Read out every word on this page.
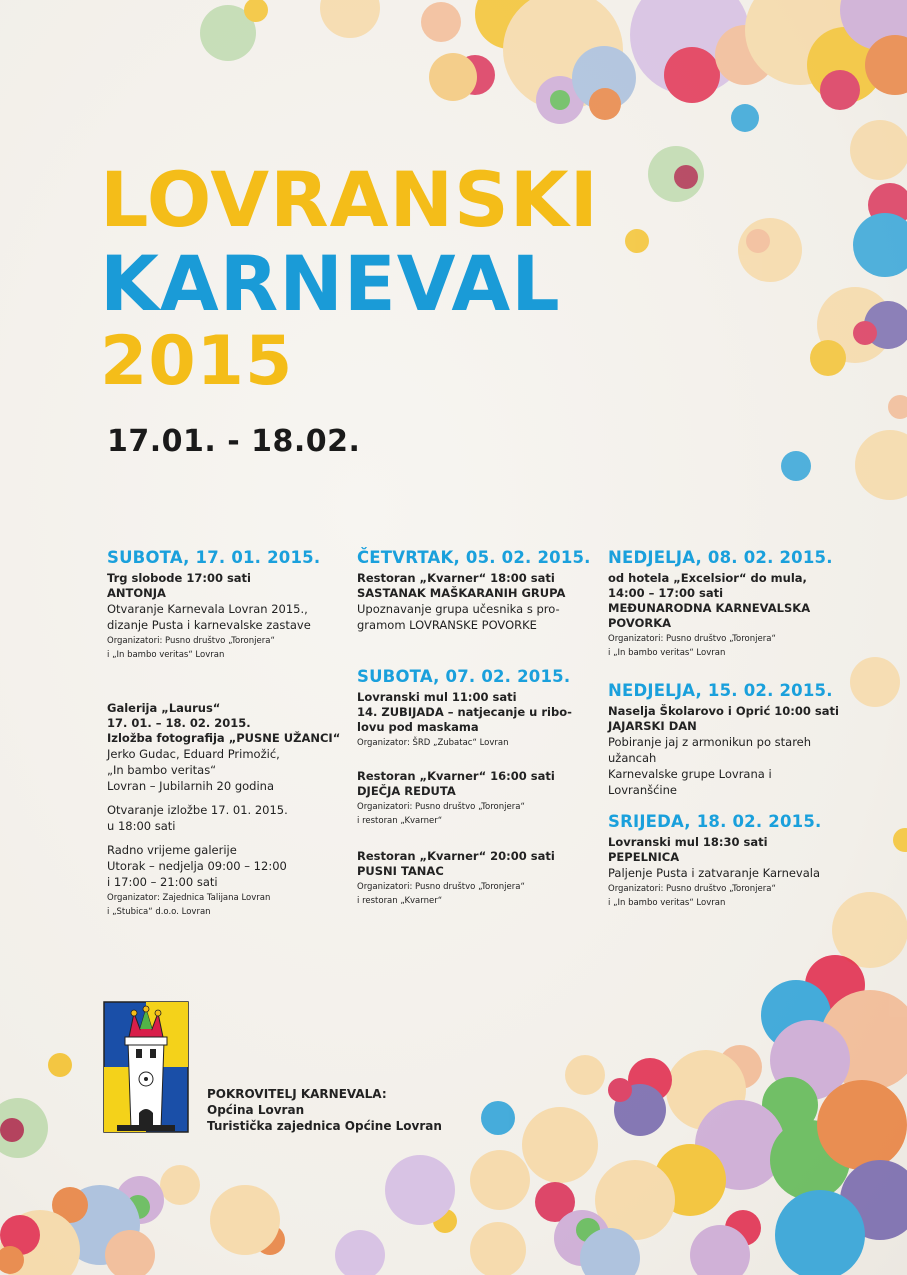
LOVRANSKI
KARNEVAL
2015
17.01. - 18.02.
SUBOTA, 17. 01. 2015.
Trg slobode 17:00 sati
ANTONJA
Otvaranje Karnevala Lovran 2015.,
dizanje Pusta i karnevalske zastave
Organizatori: Pusno društvo „Toronjera“
i „In bambo veritas“ Lovran
Galerija „Laurus“
17. 01. – 18. 02. 2015.
Izložba fotografija „PUSNE UŽANCI“
Jerko Gudac, Eduard Primožić,
„In bambo veritas“
Lovran – Jubilarnih 20 godina
Otvaranje izložbe 17. 01. 2015.
u 18:00 sati
Radno vrijeme galerije
Utorak – nedjelja 09:00 – 12:00
i 17:00 – 21:00 sati
Organizator: Zajednica Talijana Lovran
i „Stubica“ d.o.o. Lovran
ČETVRTAK, 05. 02. 2015.
Restoran „Kvarner“ 18:00 sati
SASTANAK MAŠKARANIH GRUPA
Upoznavanje grupa učesnika s pro-
gramom LOVRANSKE POVORKE
SUBOTA, 07. 02. 2015.
Lovranski mul 11:00 sati
14. ZUBIJADA – natjecanje u ribo-
lovu pod maskama
Organizator: ŠRD „Zubatac“ Lovran
Restoran „Kvarner“ 16:00 sati
DJEČJA REDUTA
Organizatori: Pusno društvo „Toronjera“
i restoran „Kvarner“
Restoran „Kvarner“ 20:00 sati
PUSNI TANAC
Organizatori: Pusno društvo „Toronjera“
i restoran „Kvarner“
NEDJELJA, 08. 02. 2015.
od hotela „Excelsior“ do mula,
14:00 – 17:00 sati
MEĐUNARODNA KARNEVALSKA
POVORKA
Organizatori: Pusno društvo „Toronjera“
i „In bambo veritas“ Lovran
NEDJELJA, 15. 02. 2015.
Naselja Školarovo i Oprić 10:00 sati
JAJARSKI DAN
Pobiranje jaj z armonikun po stareh
užancah
Karnevalske grupe Lovrana i
Lovranšćine
SRIJEDA, 18. 02. 2015.
Lovranski mul 18:30 sati
PEPELNICA
Paljenje Pusta i zatvaranje Karnevala
Organizatori: Pusno društvo „Toronjera“
i „In bambo veritas“ Lovran
POKROVITELJ KARNEVALA:
Općina Lovran
Turistička zajednica Općine Lovran
